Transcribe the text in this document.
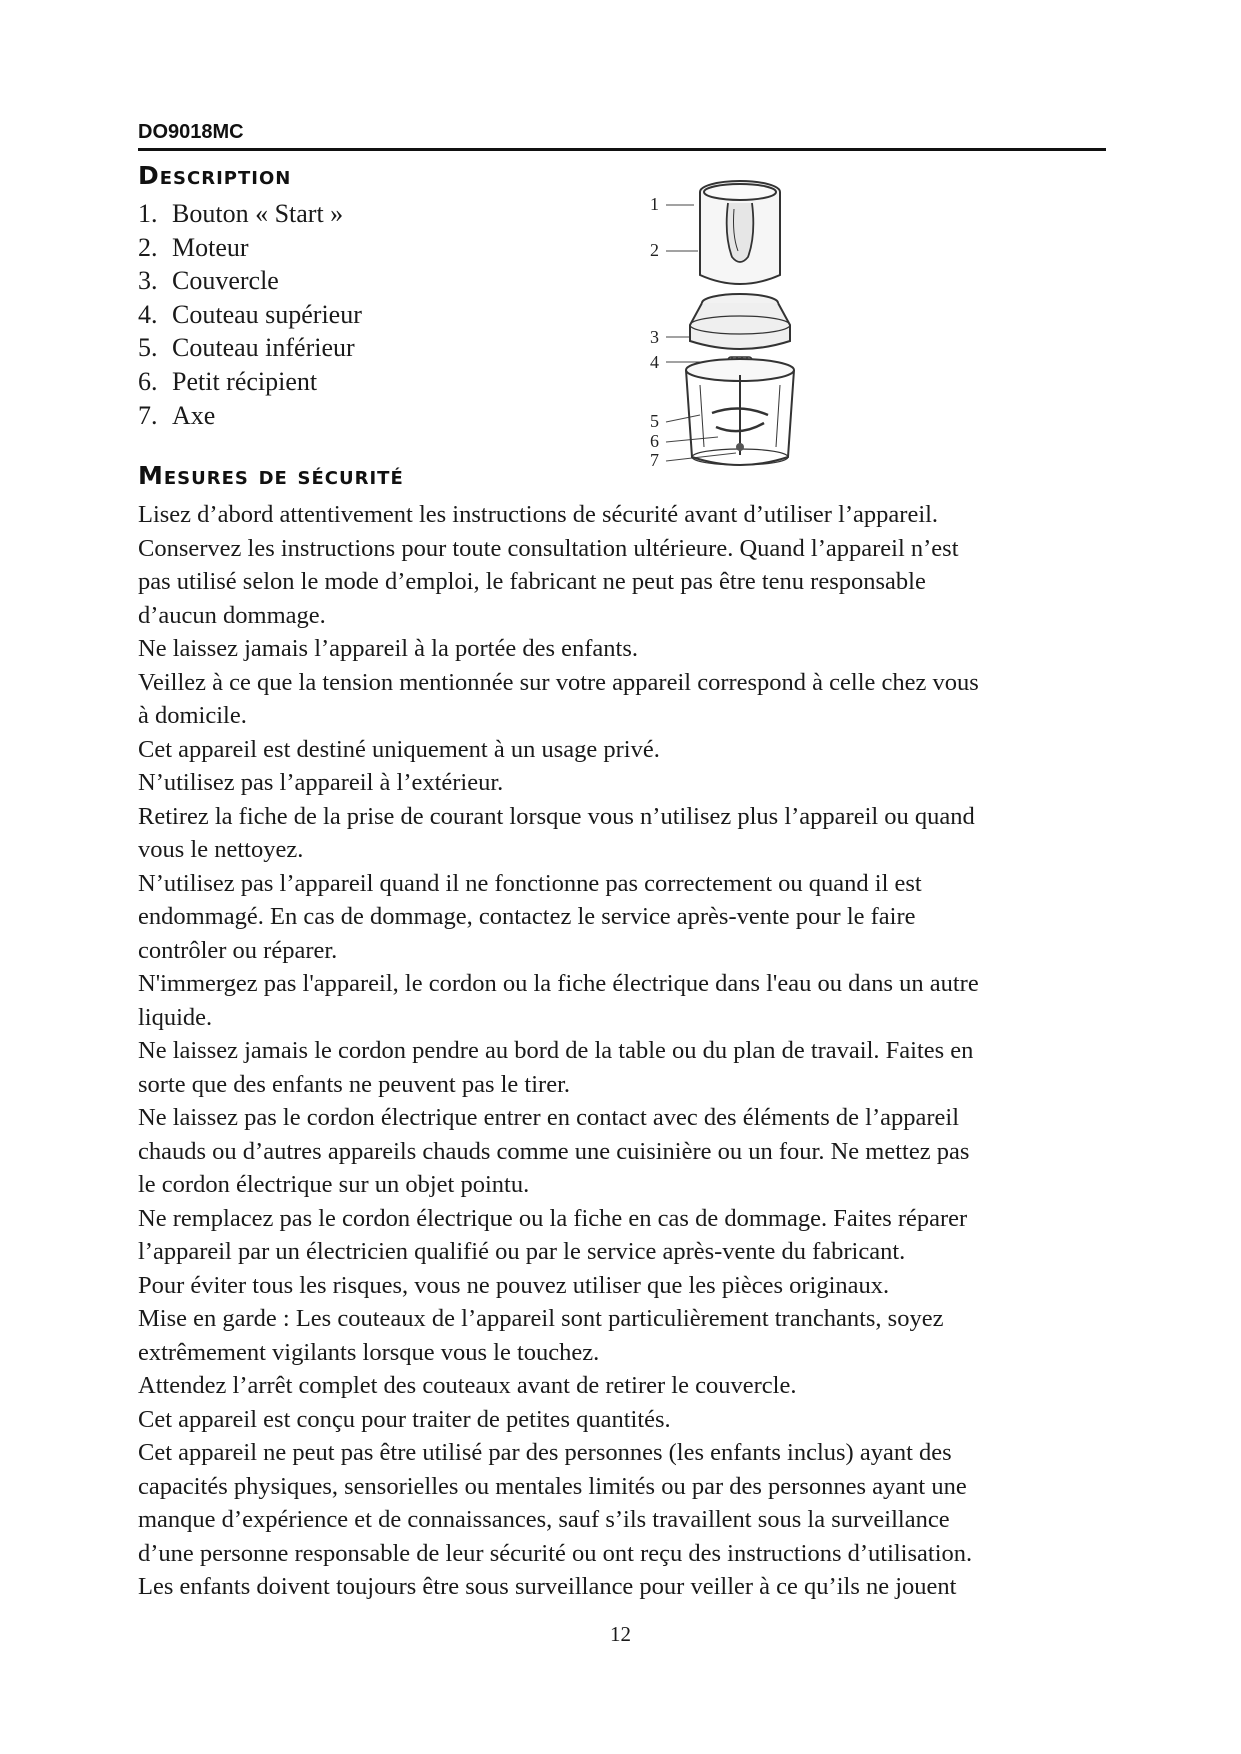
DO9018MC
Description
1. Bouton « Start »
2. Moteur
3. Couvercle
4. Couteau supérieur
5. Couteau inférieur
6. Petit récipient
7. Axe
1
2
3
4
5
6
7
Mesures de sécurité

Lisez d’abord attentivement les instructions de sécurité avant d’utiliser l’appareil.

Conservez les instructions pour toute consultation ultérieure. Quand l’appareil n’est

pas utilisé selon le mode d’emploi, le fabricant ne peut pas être tenu responsable

d’aucun dommage.

Ne laissez jamais l’appareil à la portée des enfants.

Veillez à ce que la tension mentionnée sur votre appareil correspond à celle chez vous

à domicile.

Cet appareil est destiné uniquement à un usage privé.

N’utilisez pas l’appareil à l’extérieur.

Retirez la fiche de la prise de courant lorsque vous n’utilisez plus l’appareil ou quand

vous le nettoyez.

N’utilisez pas l’appareil quand il ne fonctionne pas correctement ou quand il est

endommagé. En cas de dommage, contactez le service après-vente pour le faire

contrôler ou réparer.

N'immergez pas l'appareil, le cordon ou la fiche électrique dans l'eau ou dans un autre

liquide.

Ne laissez jamais le cordon pendre au bord de la table ou du plan de travail. Faites en

sorte que des enfants ne peuvent pas le tirer.

Ne laissez pas le cordon électrique entrer en contact avec des éléments de l’appareil

chauds ou d’autres appareils chauds comme une cuisinière ou un four. Ne mettez pas

le cordon électrique sur un objet pointu.

Ne remplacez pas le cordon électrique ou la fiche en cas de dommage. Faites réparer

l’appareil par un électricien qualifié ou par le service après-vente du fabricant.

Pour éviter tous les risques, vous ne pouvez utiliser que les pièces originaux.

Mise en garde : Les couteaux de l’appareil sont particulièrement tranchants, soyez

extrêmement vigilants lorsque vous le touchez.

Attendez l’arrêt complet des couteaux avant de retirer le couvercle.

Cet appareil est conçu pour traiter de petites quantités.

Cet appareil ne peut pas être utilisé par des personnes (les enfants inclus) ayant des

capacités physiques, sensorielles ou mentales limités ou par des personnes ayant une

manque d’expérience et de connaissances, sauf s’ils travaillent sous la surveillance

d’une personne responsable de leur sécurité ou ont reçu des instructions d’utilisation.

Les enfants doivent toujours être sous surveillance pour veiller à ce qu’ils ne jouent

12
